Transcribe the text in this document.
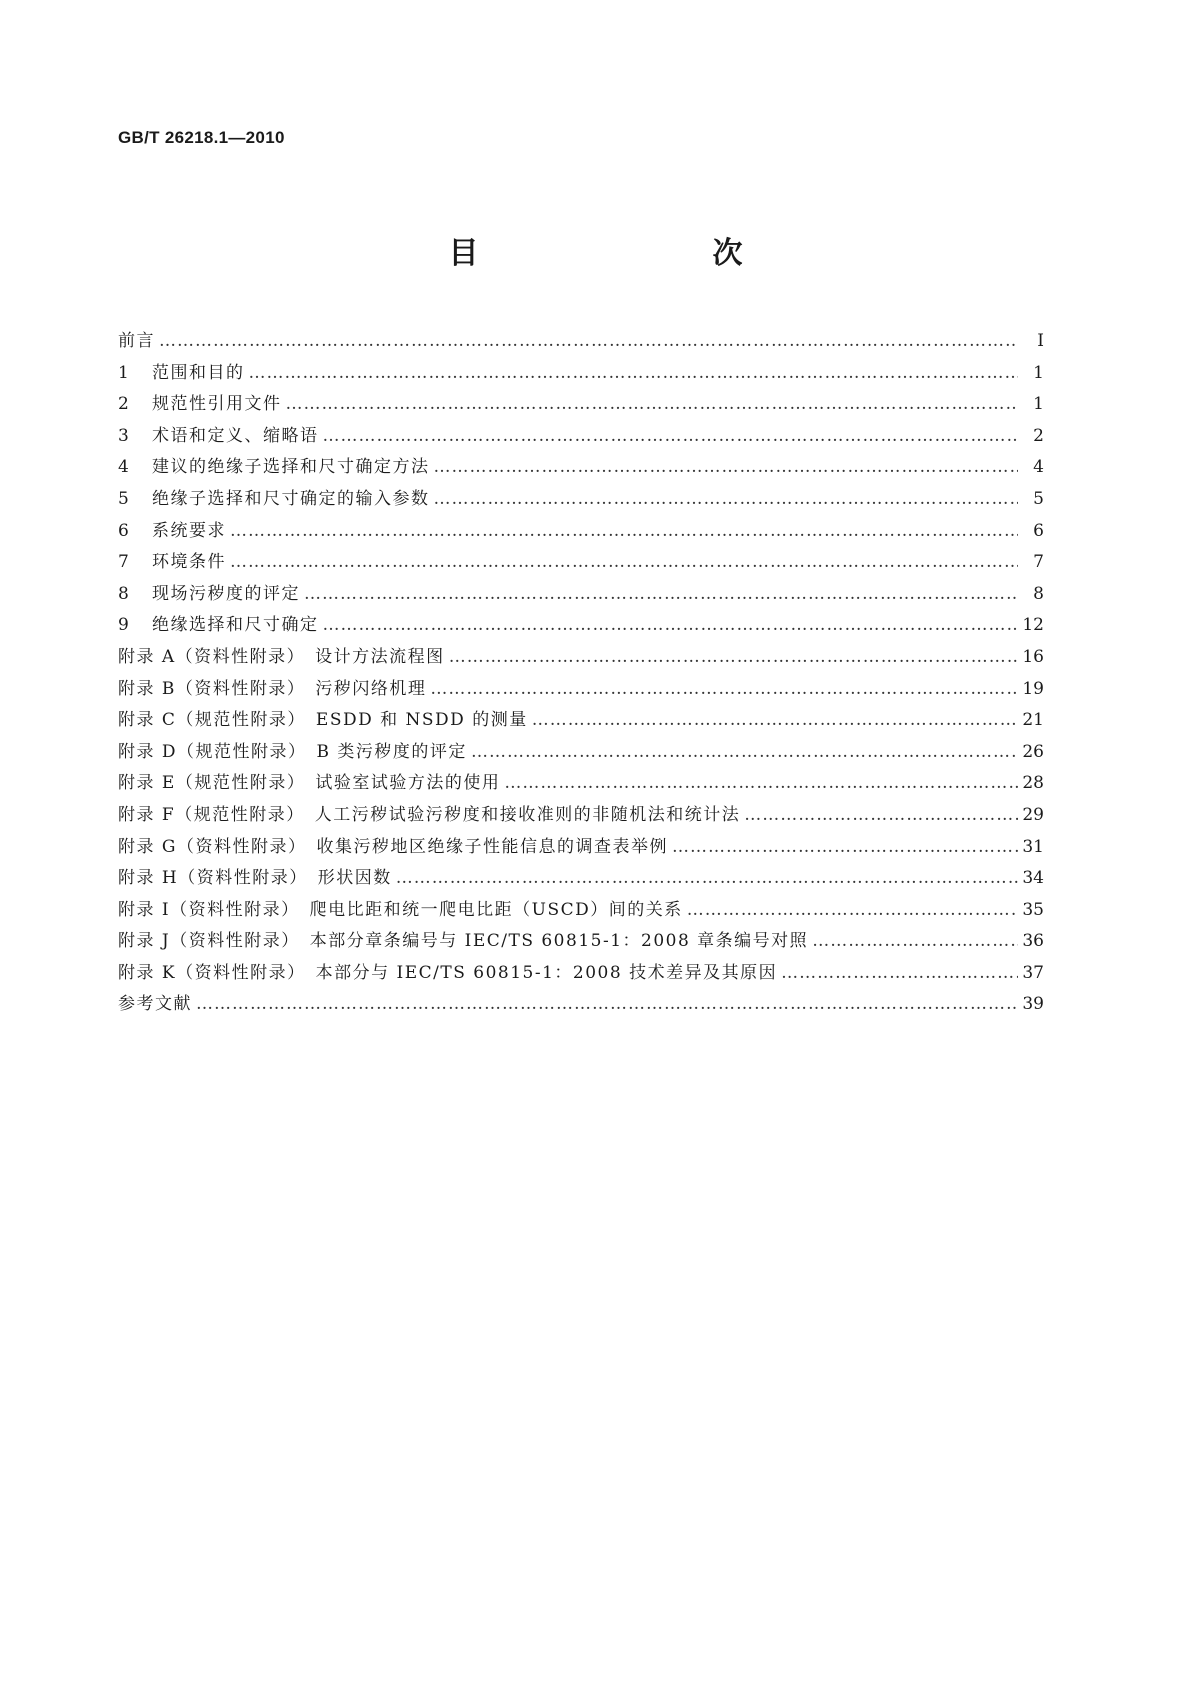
GB/T 26218.1—2010
目　　次
前言 ……………………………………………………………………………………………………………………………………………………………………………………………………	Ⅰ
1	范围和目的 ……………………………………………………………………………………………………………………………………………………………………………………………………	1
2	规范性引用文件 ……………………………………………………………………………………………………………………………………………………………………………………………………	1
3	术语和定义、缩略语 ……………………………………………………………………………………………………………………………………………………………………………………………………	2
4	建议的绝缘子选择和尺寸确定方法 ……………………………………………………………………………………………………………………………………………………………………………………………………	4
5	绝缘子选择和尺寸确定的输入参数 ……………………………………………………………………………………………………………………………………………………………………………………………………	5
6	系统要求 ……………………………………………………………………………………………………………………………………………………………………………………………………	6
7	环境条件 ……………………………………………………………………………………………………………………………………………………………………………………………………	7
8	现场污秽度的评定 ……………………………………………………………………………………………………………………………………………………………………………………………………	8
9	绝缘选择和尺寸确定 ……………………………………………………………………………………………………………………………………………………………………………………………………	12
附录 A（资料性附录）　设计方法流程图 ……………………………………………………………………………………………………………………………………………………………………………………………………	16
附录 B（资料性附录）　污秽闪络机理 ……………………………………………………………………………………………………………………………………………………………………………………………………	19
附录 C（规范性附录）　ESDD 和 NSDD 的测量 ……………………………………………………………………………………………………………………………………………………………………………………………………	21
附录 D（规范性附录）　B 类污秽度的评定 ……………………………………………………………………………………………………………………………………………………………………………………………………	26
附录 E（规范性附录）　试验室试验方法的使用 ……………………………………………………………………………………………………………………………………………………………………………………………………	28
附录 F（规范性附录）　人工污秽试验污秽度和接收准则的非随机法和统计法 ……………………………………………………………………………………………………………………………………………………………………………………………………	29
附录 G（资料性附录）　收集污秽地区绝缘子性能信息的调查表举例 ……………………………………………………………………………………………………………………………………………………………………………………………………	31
附录 H（资料性附录）　形状因数 ……………………………………………………………………………………………………………………………………………………………………………………………………	34
附录 I（资料性附录）　爬电比距和统一爬电比距（USCD）间的关系 ……………………………………………………………………………………………………………………………………………………………………………………………………	35
附录 J（资料性附录）　本部分章条编号与 IEC/TS 60815-1：2008 章条编号对照 ……………………………………………………………………………………………………………………………………………………………………………………………………	36
附录 K（资料性附录）　本部分与 IEC/TS 60815-1：2008 技术差异及其原因 ……………………………………………………………………………………………………………………………………………………………………………………………………	37
参考文献 ……………………………………………………………………………………………………………………………………………………………………………………………………	39
